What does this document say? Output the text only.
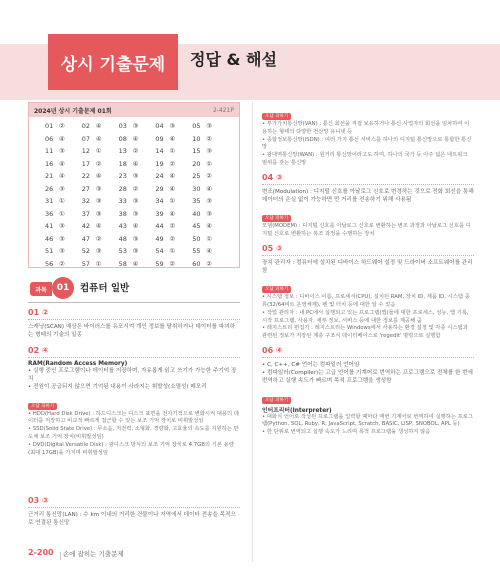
상시 기출문제	정답 & 해설
2024년 상시 기출문제 01회	2-421P
01 ②	02 ④	03 ③	04 ③	05 ③
06 ④	07 ④	08 ④	09 ④	10 ②
11 ③	12 ①	13 ②	14 ①	15 ③
16 ④	17 ②	18 ④	19 ②	20 ①
21 ④	22 ④	23 ③	24 ④	25 ②
26 ③	27 ③	28 ②	29 ④	30 ④
31 ①	32 ③	33 ③	34 ①	35 ③
36 ①	37 ③	38 ③	39 ④	40 ③
41 ③	42 ④	43 ④	44 ②	45 ④
46 ③	47 ②	48 ③	49 ②	50 ①
51 ③	52 ③	53 ③	54 ①	55 ④
56 ②	57 ①	58 ④	59 ②	60 ②
과목	01	컴퓨터 일반
01 ②
스캐닝(SCAN) 예상은 바이러스를 유포시켜 개인 정보를 탈취하거나 데이터를 파괴하는 형태의 기술의 일종
02 ④
RAM(Random Access Memory)
• 실행 중인 프로그램이나 데이터를 저장하며, 자유롭게 읽고 쓰기가 가능한 주기억 장치
• 전원이 공급되지 않으면 기억된 내용이 사라지는 휘발성(소멸성) 메모리
오답 피하기
• HDD(Hard Disk Drive) : 하드디스크는 디스크 표면을 전자기적으로 변화시켜 대용의 데이터를 저장하고 비교적 빠르게 접근할 수 있는 보조 기억 장치로 비휘발성임
• SSD(Solid State Drive) : 무소음, 저전력, 소형화, 경량화, 고효율의 속도를 지원하는 반도체 보조 기억 장치(비휘발성임)
• DVD(Digital Versatile Disk) : 광디스크 방식의 보조 기억 장치로 4.7GB의 기본 용량(최대 17GB)을 가지며 비휘발성임
03 ③
근거리 통신망(LAN) : 수 km 이내의 거리한 건물이나 지역에서 데이터 전송을 목적으로 연결된 통신망
오답 피하기
• 부가가치통신망(VAN) : 통신 회선을 직접 보유하거나 통신 사업자의 회선을 임차하여 이용하는 형태의 다양한 전산망 유니넷 등
• 종합정보통신망(ISDN) : 여러 가지 통신 서비스를 하나의 디지털 통신망으로 통합한 통신망
• 광대역통신망(WAN) : 원거리 통신망이라고도 하며, 하나의 국가 등 아주 넓은 네트워크 범위를 갖는 통신망
04 ③
변조(Modulation) : 디지털 신호를 아날로그 신호로 변경하는 것으로 전화 회선을 통해 데이터의 손실 없이 가능하면 먼 거리를 전송하기 위해 사용됨
오답 피하기
모뎀(MODEM) : 디지털 신호를 아날로그 신호로 변환하는 변조 과정과 아날로그 신호를 디지털 신호로 변환하는 복조 과정을 수행하는 장치
05 ③
장치 관리자 : 컴퓨터에 설치된 디바이스 하드웨어 설정 및 드라이버 소프트웨어를 관리함
오답 피하기
• 시스템 정보 : 디바이스 이름, 프로세서(CPU), 설치된 RAM, 장치 ID, 제품 ID, 시스템 종류(32/64비트 운영체제), 펜 및 터치 등에 대한 알 수 있음
• 작업 관리자 : 내 PC에서 실행되고 있는 프로그램(앱)들에 대한 프로세스, 성능, 앱 기록, 시작 프로그램, 사용자, 세부 정보, 서비스 등에 대한 정보를 제공해 줌
• 레지스트리 편집기 : 레지스트리는 Windows에서 사용하는 환경 설정 및 각종 시스템과 관련된 정보가 저장된 계층 구조식 데이터베이스로 'regedit' 명령으로 실행함
06 ④
• C, C++, C# 언어는 컴파일러 언어임
• 컴파일러(Compiler)는 고급 언어를 기계어로 번역하는 프로그램으로 전체를 한 번에 번역하고 실행 속도가 빠르며 목적 프로그램을 생성함
오답 피하기
인터프리터(Interpreter)
• 대화식 언어로 작성된 프로그램을 입력할 때마다 매번 기계어로 번역하여 실행하는 프로그램(Python, SQL, Ruby, R, JavaScript, Scratch, BASIC, LISP, SNOBOL, APL 등)
• 한 단위로 번역되고 실행 속도가 느리며 목적 프로그램을 생성하지 않음
2-200 손에 잡히는 기출문제
